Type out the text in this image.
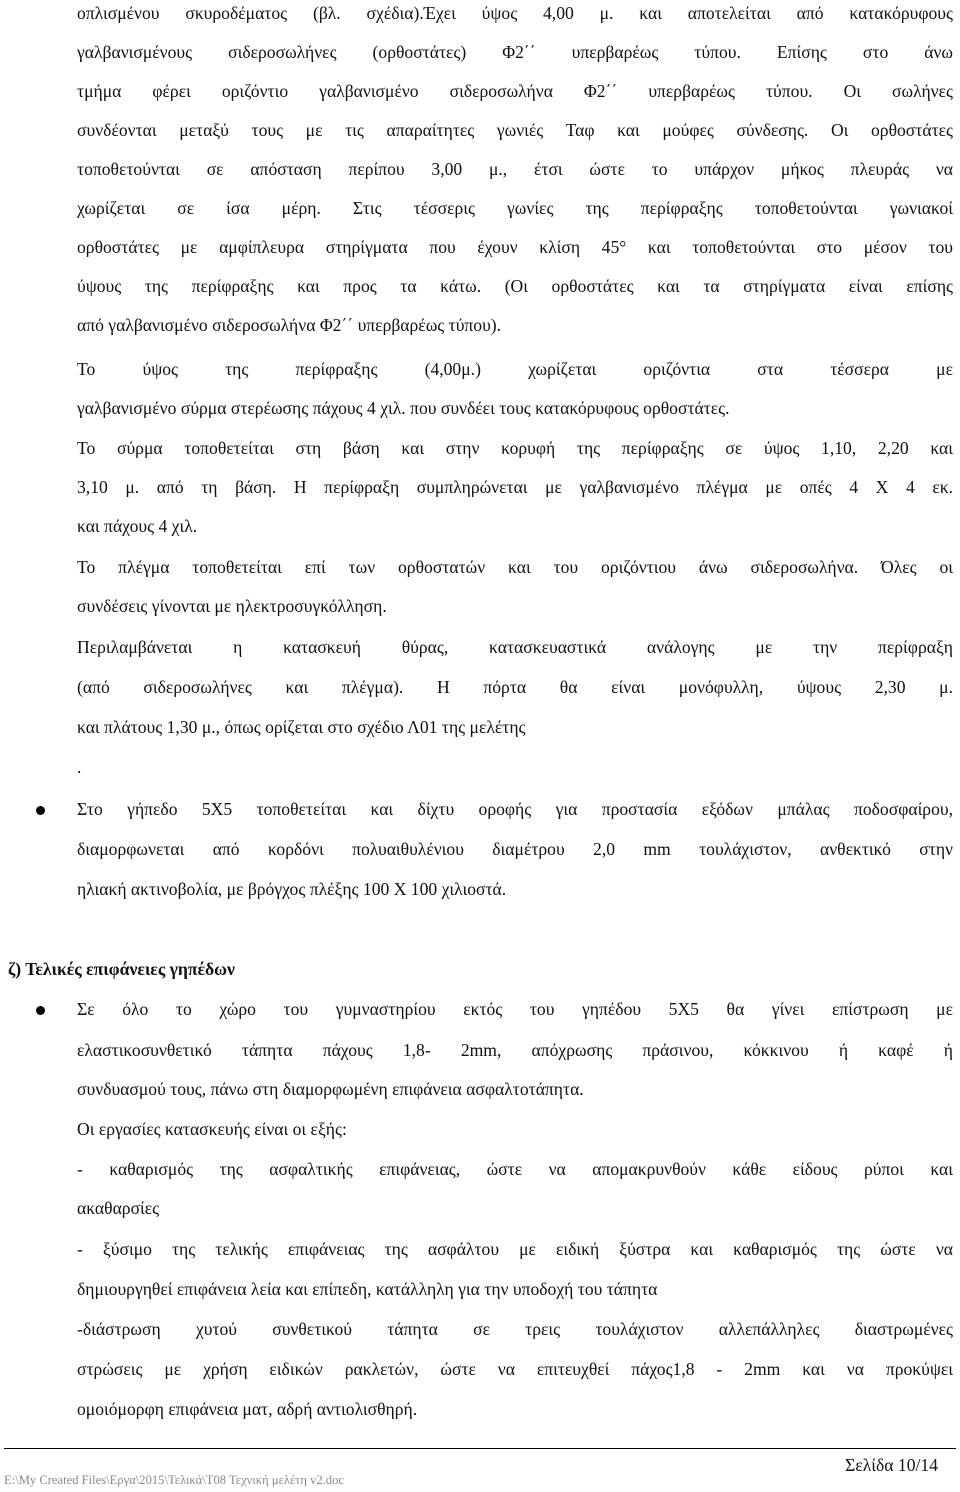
οπλισμένου σκυροδέματος (βλ. σχέδια).Έχει ύψος 4,00 μ. και αποτελείται από κατακόρυφους
γαλβανισμένους σιδεροσωλήνες (ορθοστάτες) Φ2΄΄ υπερβαρέως τύπου. Επίσης στο άνω
τμήμα φέρει οριζόντιο γαλβανισμένο σιδεροσωλήνα Φ2΄΄ υπερβαρέως τύπου. Οι σωλήνες
συνδέονται μεταξύ τους με τις απαραίτητες γωνιές Ταφ και μούφες σύνδεσης. Οι ορθοστάτες
τοποθετούνται σε απόσταση περίπου 3,00 μ., έτσι ώστε το υπάρχον μήκος πλευράς να
χωρίζεται σε ίσα μέρη. Στις τέσσερις γωνίες της περίφραξης τοποθετούνται γωνιακοί
ορθοστάτες με αμφίπλευρα στηρίγματα που έχουν κλίση 45° και τοποθετούνται στο μέσον του
ύψους της περίφραξης και προς τα κάτω. (Οι ορθοστάτες και τα στηρίγματα είναι επίσης
από γαλβανισμένο σιδεροσωλήνα Φ2΄΄ υπερβαρέως τύπου).
Το ύψος της περίφραξης (4,00μ.) χωρίζεται οριζόντια στα τέσσερα με
γαλβανισμένο σύρμα στερέωσης πάχους 4 χιλ. που συνδέει τους κατακόρυφους ορθοστάτες.
Το σύρμα τοποθετείται στη βάση και στην κορυφή της περίφραξης σε ύψος 1,10, 2,20 και
3,10 μ. από τη βάση. Η περίφραξη συμπληρώνεται με γαλβανισμένο πλέγμα με οπές 4 Χ 4 εκ.
και πάχους 4 χιλ.
Το πλέγμα τοποθετείται επί των ορθοστατών και του οριζόντιου άνω σιδεροσωλήνα. Όλες οι
συνδέσεις γίνονται με ηλεκτροσυγκόλληση.
Περιλαμβάνεται η κατασκευή θύρας, κατασκευαστικά ανάλογης με την περίφραξη
(από σιδεροσωλήνες και πλέγμα). Η πόρτα θα είναι μονόφυλλη, ύψους 2,30 μ.
και πλάτους 1,30 μ., όπως ορίζεται στο σχέδιο Λ01 της μελέτης
.
Στο γήπεδο 5Χ5 τοποθετείται και δίχτυ οροφής για προστασία εξόδων μπάλας ποδοσφαίρου,
διαμορφωνεται από κορδόνι πολυαιθυλένιου διαμέτρου 2,0 mm τουλάχιστον, ανθεκτικό στην
ηλιακή ακτινοβολία, με βρόγχος πλέξης 100 Χ 100 χιλιοστά.
ζ) Τελικές επιφάνειες γηπέδων
Σε όλο το χώρο του γυμναστηρίου εκτός του γηπέδου 5Χ5 θα γίνει επίστρωση με
ελαστικοσυνθετικό τάπητα πάχους 1,8- 2mm, απόχρωσης πράσινου, κόκκινου ή καφέ ή
συνδυασμού τους, πάνω στη διαμορφωμένη επιφάνεια ασφαλτοτάπητα.
Οι εργασίες κατασκευής είναι οι εξής:
- καθαρισμός της ασφαλτικής επιφάνειας, ώστε να απομακρυνθούν κάθε είδους ρύποι και
ακαθαρσίες
- ξύσιμο της τελικής επιφάνειας της ασφάλτου με ειδική ξύστρα και καθαρισμός της ώστε να
δημιουργηθεί επιφάνεια λεία και επίπεδη, κατάλληλη για την υποδοχή του τάπητα
-διάστρωση χυτού συνθετικού τάπητα σε τρεις τουλάχιστον αλλεπάλληλες διαστρωμένες
στρώσεις με χρήση ειδικών ρακλετών, ώστε να επιτευχθεί πάχος1,8 - 2mm και να προκύψει
ομοιόμορφη επιφάνεια ματ, αδρή αντιολισθηρή.
Σελίδα 10/14
E:\My Created Files\Εργα\2015\Τελικά\Τ08 Τεχνική μελέτη v2.doc
